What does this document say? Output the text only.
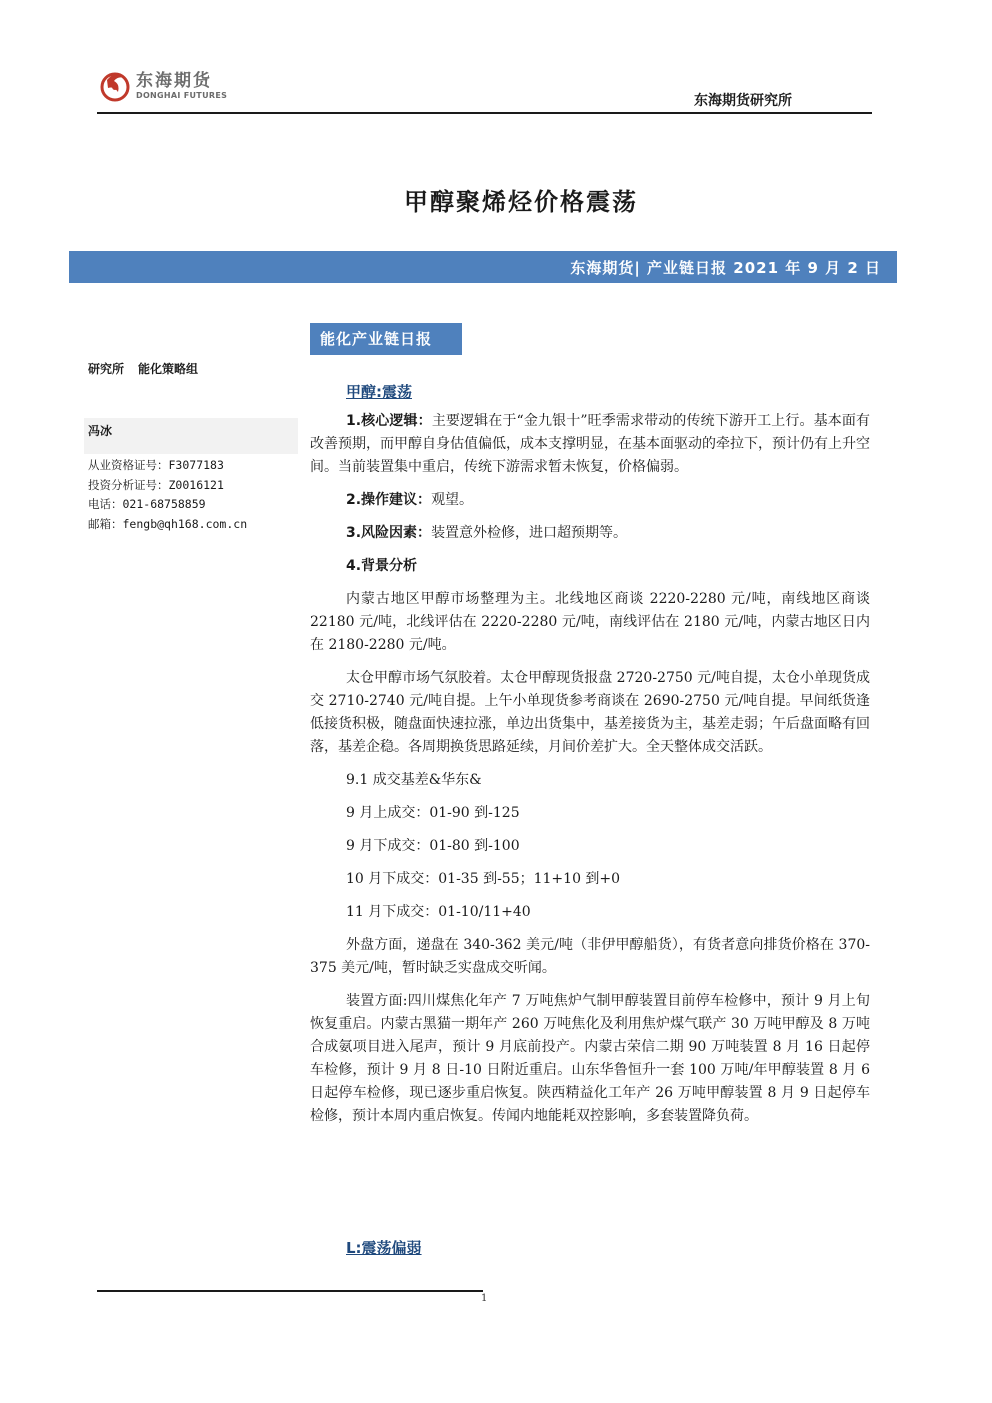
东海期货
DONGHAI FUTURES	东海期货研究所
甲醇聚烯烃价格震荡
东海期货| 产业链日报 2021 年 9 月 2 日
研究所 能化策略组
冯冰
从业资格证号：F3077183
投资分析证号：Z0016121
电话：021-68758859
邮箱：fengb@qh168.com.cn
能化产业链日报
甲醇:震荡

1.核心逻辑：主要逻辑在于“金九银十”旺季需求带动的传统下游开工上行。基本面有改善预期，而甲醇自身估值偏低，成本支撑明显，在基本面驱动的牵拉下，预计仍有上升空间。当前装置集中重启，传统下游需求暂未恢复，价格偏弱。

2.操作建议：观望。

3.风险因素：装置意外检修，进口超预期等。

4.背景分析

内蒙古地区甲醇市场整理为主。北线地区商谈 2220-2280 元/吨，南线地区商谈 22180 元/吨，北线评估在 2220-2280 元/吨，南线评估在 2180 元/吨，内蒙古地区日内在 2180-2280 元/吨。

太仓甲醇市场气氛胶着。太仓甲醇现货报盘 2720-2750 元/吨自提，太仓小单现货成交 2710-2740 元/吨自提。上午小单现货参考商谈在 2690-2750 元/吨自提。早间纸货逢低接货积极，随盘面快速拉涨，单边出货集中，基差接货为主，基差走弱；午后盘面略有回落，基差企稳。各周期换货思路延续，月间价差扩大。全天整体成交活跃。

9.1 成交基差&华东&
9 月上成交：01-90 到-125
9 月下成交：01-80 到-100
10 月下成交：01-35 到-55；11+10 到+0
11 月下成交：01-10/11+40

外盘方面，递盘在 340-362 美元/吨（非伊甲醇船货），有货者意向排货价格在 370-375 美元/吨，暂时缺乏实盘成交听闻。

装置方面:四川煤焦化年产 7 万吨焦炉气制甲醇装置目前停车检修中，预计 9 月上旬恢复重启。内蒙古黑猫一期年产 260 万吨焦化及利用焦炉煤气联产 30 万吨甲醇及 8 万吨合成氨项目进入尾声，预计 9 月底前投产。内蒙古荣信二期 90 万吨装置 8 月 16 日起停车检修，预计 9 月 8 日-10 日附近重启。山东华鲁恒升一套 100 万吨/年甲醇装置 8 月 6 日起停车检修，现已逐步重启恢复。陕西精益化工年产 26 万吨甲醇装置 8 月 9 日起停车检修，预计本周内重启恢复。传闻内地能耗双控影响，多套装置降负荷。

L:震荡偏弱
1
